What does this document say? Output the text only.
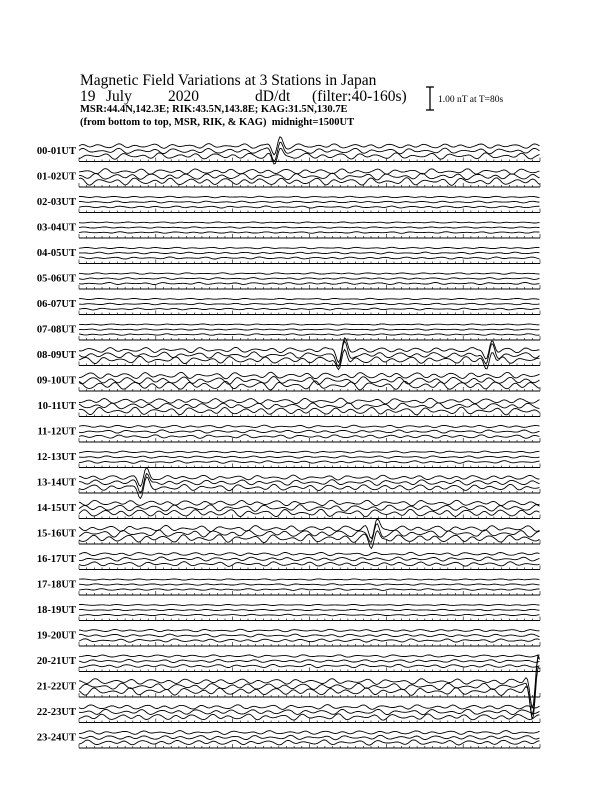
Magnetic Field Variations at 3 Stations in Japan
19 July 2020	dD/dt (filter:40-160s)
MSR:44.4N,142.3E; RIK:43.5N,143.8E; KAG:31.5N,130.7E
(from bottom to top, MSR, RIK, & KAG) midnight=1500UT
1.00 nT at T=80s
00-01UT
01-02UT
02-03UT
03-04UT
04-05UT
05-06UT
06-07UT
07-08UT
08-09UT
09-10UT
10-11UT
11-12UT
12-13UT
13-14UT
14-15UT
15-16UT
16-17UT
17-18UT
18-19UT
19-20UT
20-21UT
21-22UT
22-23UT
23-24UT
